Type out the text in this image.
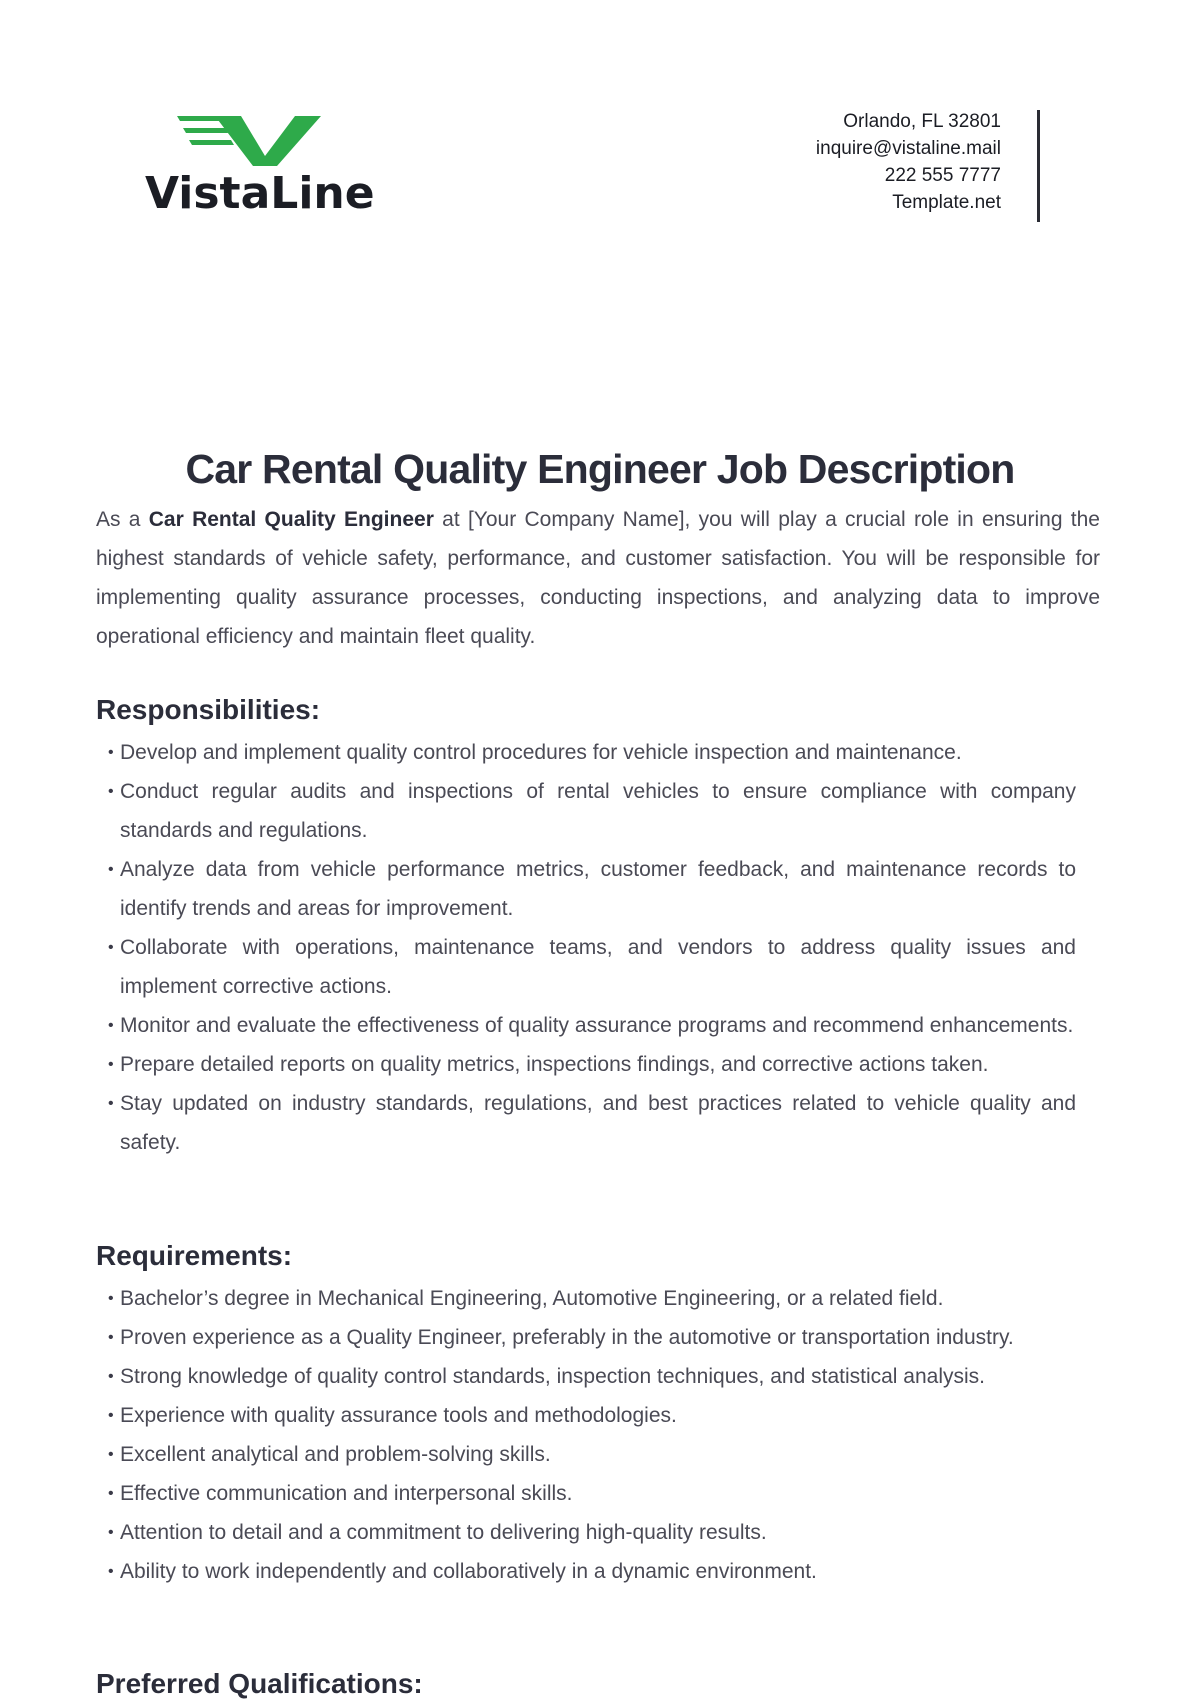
VistaLine
Orlando, FL 32801
inquire@vistaline.mail
222 555 7777
Template.net
Car Rental Quality Engineer Job Description

As a Car Rental Quality Engineer at [Your Company Name], you will play a crucial role in ensuring the highest standards of vehicle safety, performance, and customer satisfaction. You will be responsible for implementing quality assurance processes, conducting inspections, and analyzing data to improve operational efficiency and maintain fleet quality.

Responsibilities:
• Develop and implement quality control procedures for vehicle inspection and maintenance.
• Conduct regular audits and inspections of rental vehicles to ensure compliance with company standards and regulations.
• Analyze data from vehicle performance metrics, customer feedback, and maintenance records to identify trends and areas for improvement.
• Collaborate with operations, maintenance teams, and vendors to address quality issues and implement corrective actions.
• Monitor and evaluate the effectiveness of quality assurance programs and recommend enhancements.
• Prepare detailed reports on quality metrics, inspections findings, and corrective actions taken.
• Stay updated on industry standards, regulations, and best practices related to vehicle quality and safety.
Requirements:
• Bachelor’s degree in Mechanical Engineering, Automotive Engineering, or a related field.
• Proven experience as a Quality Engineer, preferably in the automotive or transportation industry.
• Strong knowledge of quality control standards, inspection techniques, and statistical analysis.
• Experience with quality assurance tools and methodologies.
• Excellent analytical and problem-solving skills.
• Effective communication and interpersonal skills.
• Attention to detail and a commitment to delivering high-quality results.
• Ability to work independently and collaboratively in a dynamic environment.
Preferred Qualifications:
